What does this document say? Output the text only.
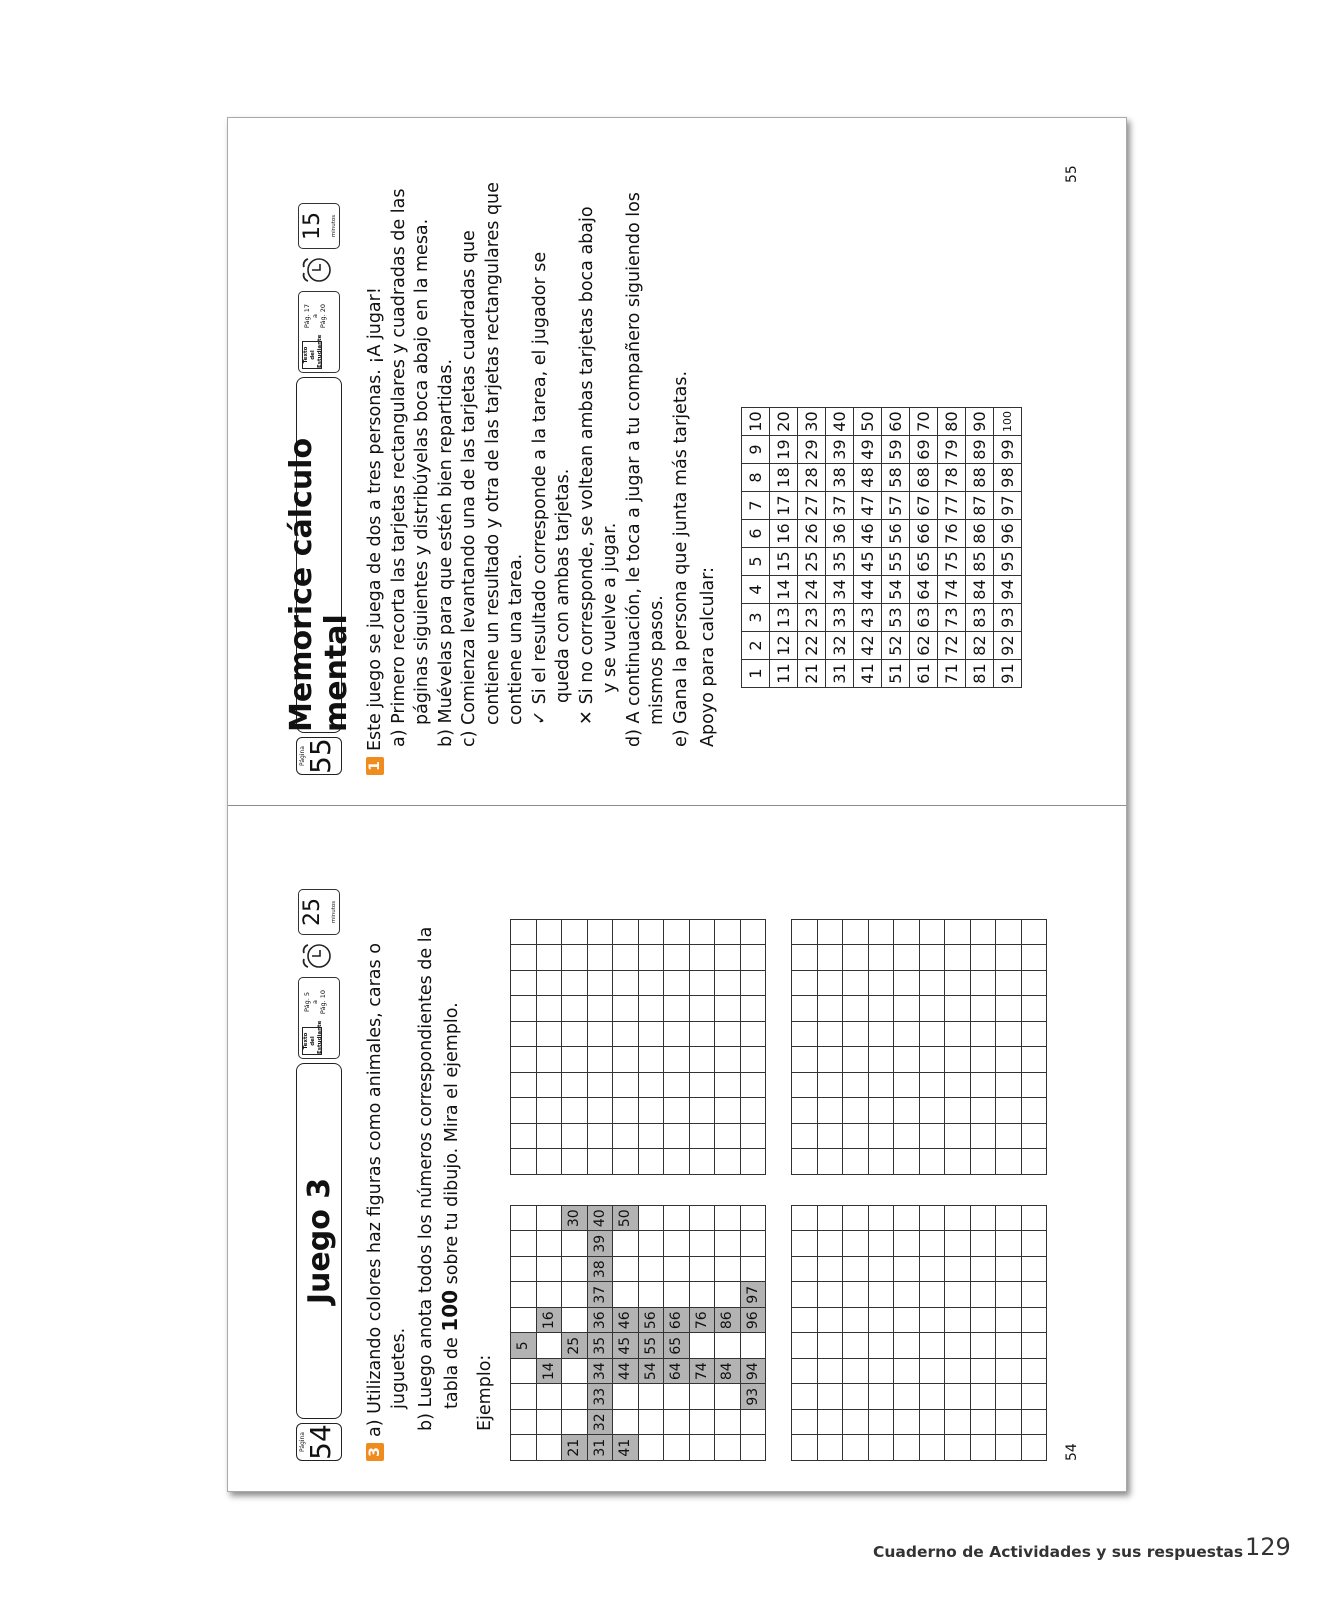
Página
55
Memorice cálculo mental
Texto del Estudiante
Pág. 17 a Pág. 20
15 minutos

1Este juego se juega de dos a tres personas. ¡A jugar! a) Primero recorta las tarjetas rectangulares y cuadradas de las páginas siguientes y distribúyelas boca abajo en la mesa. b) Muévelas para que estén bien repartidas. c) Comienza levantando una de las tarjetas cuadradas que contiene un resultado y otra de las tarjetas rectangulares que contiene una tarea. ✓Si el resultado corresponde a la tarea, el jugador se queda con ambas tarjetas.

✕Si no corresponde, se voltean ambas tarjetas boca abajo y se vuelve a jugar. d) A continuación, le toca a jugar a tu compañero siguiendo los mismos pasos. e) Gana la persona que junta más tarjetas. Apoyo para calcular: 1	2	3	4	5	6	7	8	9	10
11	12	13	14	15	16	17	18	19	20
21	22	23	24	25	26	27	28	29	30
31	32	33	34	35	36	37	38	39	40
41	42	43	44	45	46	47	48	49	50
51	52	53	54	55	56	57	58	59	60
61	62	63	64	65	66	67	68	69	70
71	72	73	74	75	76	77	78	79	80
81	82	83	84	85	86	87	88	89	90
91	92	93	94	95	96	97	98	99	100
55
Página
54
Juego 3
Texto del Estudiante
Pág. 5 a Pág. 10
25 minutos

3a) Utilizando colores haz figuras como animales, caras o juguetes. b) Luego anota todos los números correspondientes de la tabla de 100 sobre tu dibujo. Mira el ejemplo.

Ejemplo:

				5					
			14		16				
21				25					30
31	32	33	34	35	36	37	38	39	40
41			44	45	46				50
			54	55	56				
			64	65	66				
			74		76				
			84		86				
		93	94		96	97			

54
Cuaderno de Actividades y sus respuestas 129
